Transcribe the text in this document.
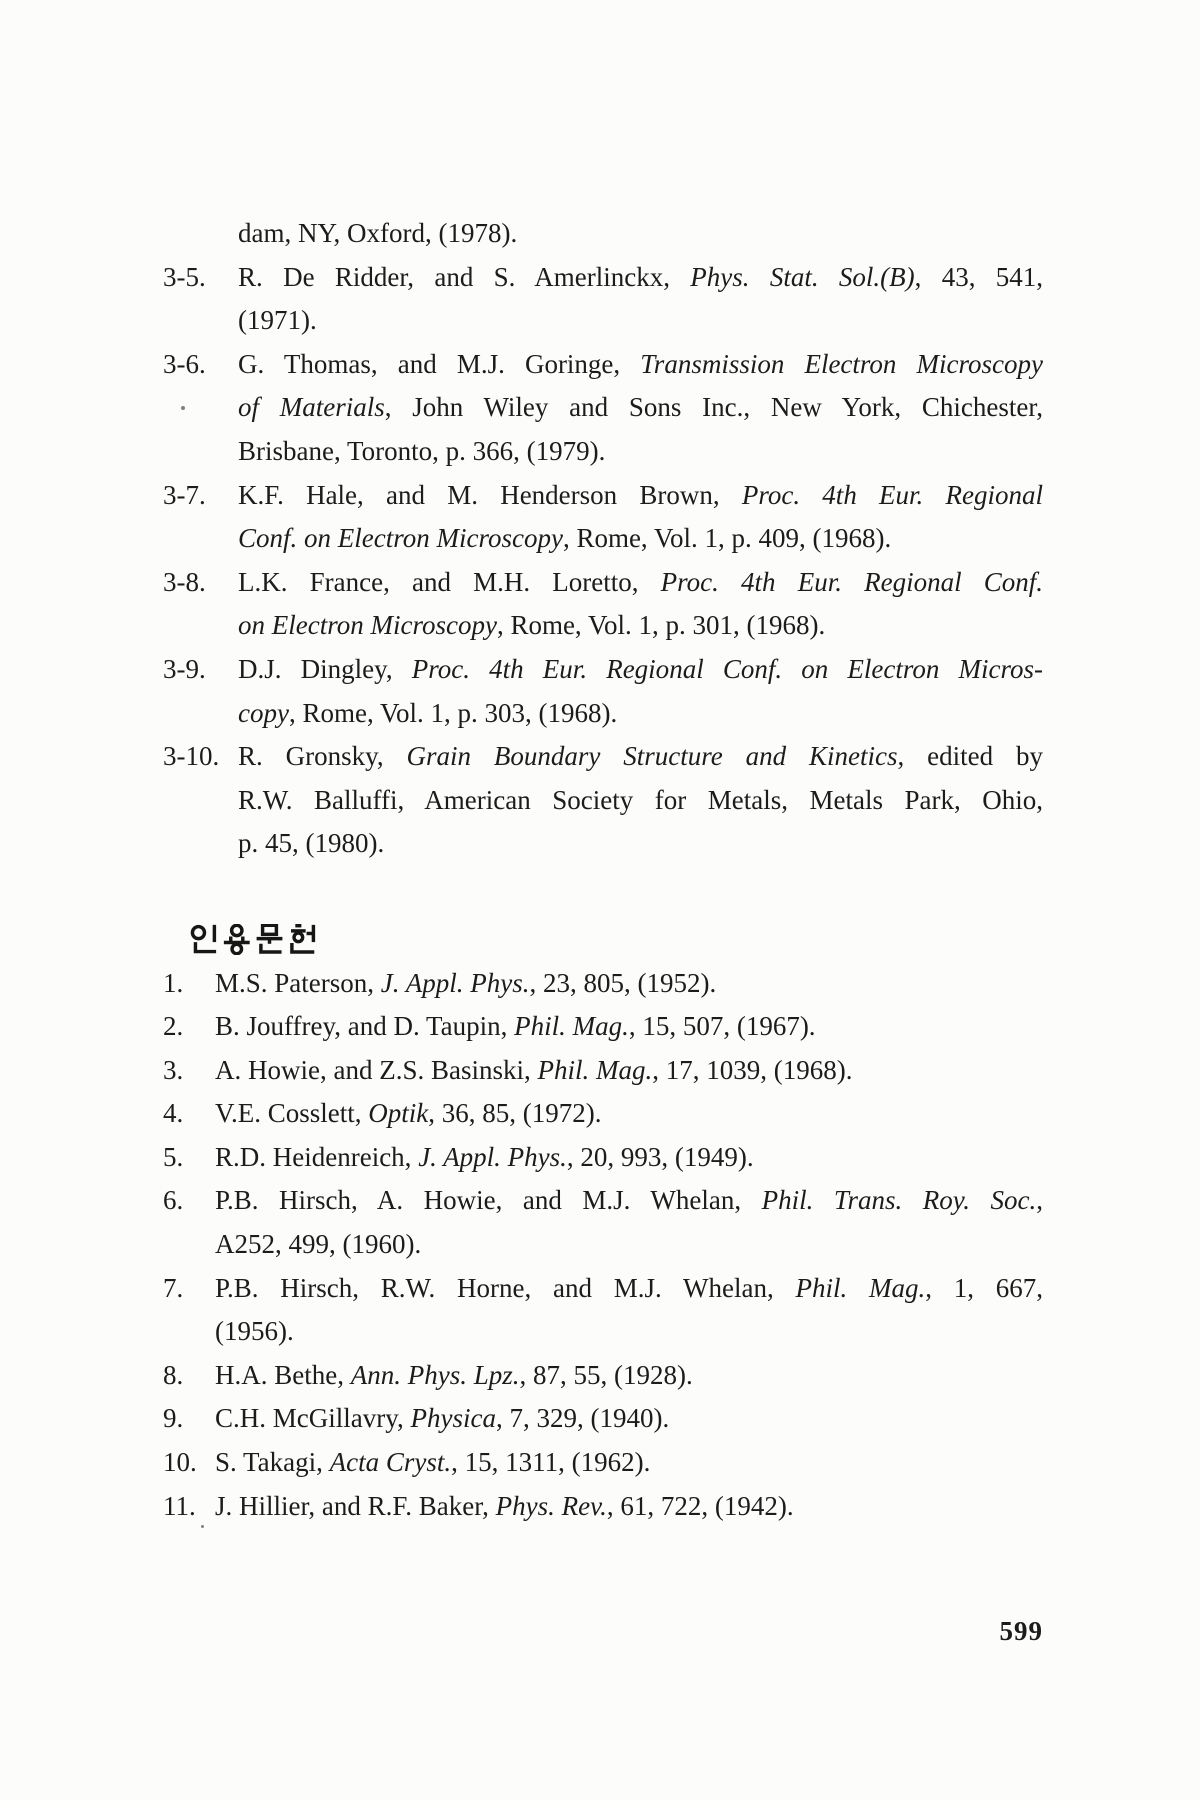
dam, NY, Oxford, (1978).
3-5. R. De Ridder, and S. Amerlinckx, Phys. Stat. Sol.(B), 43, 541,
(1971).
3-6. G. Thomas, and M.J. Goringe, Transmission Electron Microscopy
of Materials, John Wiley and Sons Inc., New York, Chichester,
Brisbane, Toronto, p. 366, (1979).
3-7. K.F. Hale, and M. Henderson Brown, Proc. 4th Eur. Regional
Conf. on Electron Microscopy, Rome, Vol. 1, p. 409, (1968).
3-8. L.K. France, and M.H. Loretto, Proc. 4th Eur. Regional Conf.
on Electron Microscopy, Rome, Vol. 1, p. 301, (1968).
3-9. D.J. Dingley, Proc. 4th Eur. Regional Conf. on Electron Micros-
copy, Rome, Vol. 1, p. 303, (1968).
3-10. R. Gronsky, Grain Boundary Structure and Kinetics, edited by
R.W. Balluffi, American Society for Metals, Metals Park, Ohio,
p. 45, (1980).
1. M.S. Paterson, J. Appl. Phys., 23, 805, (1952).
2. B. Jouffrey, and D. Taupin, Phil. Mag., 15, 507, (1967).
3. A. Howie, and Z.S. Basinski, Phil. Mag., 17, 1039, (1968).
4. V.E. Cosslett, Optik, 36, 85, (1972).
5. R.D. Heidenreich, J. Appl. Phys., 20, 993, (1949).
6. P.B. Hirsch, A. Howie, and M.J. Whelan, Phil. Trans. Roy. Soc.,
A252, 499, (1960).
7. P.B. Hirsch, R.W. Horne, and M.J. Whelan, Phil. Mag., 1, 667,
(1956).
8. H.A. Bethe, Ann. Phys. Lpz., 87, 55, (1928).
9. C.H. McGillavry, Physica, 7, 329, (1940).
10. S. Takagi, Acta Cryst., 15, 1311, (1962).
11. J. Hillier, and R.F. Baker, Phys. Rev., 61, 722, (1942).
599
